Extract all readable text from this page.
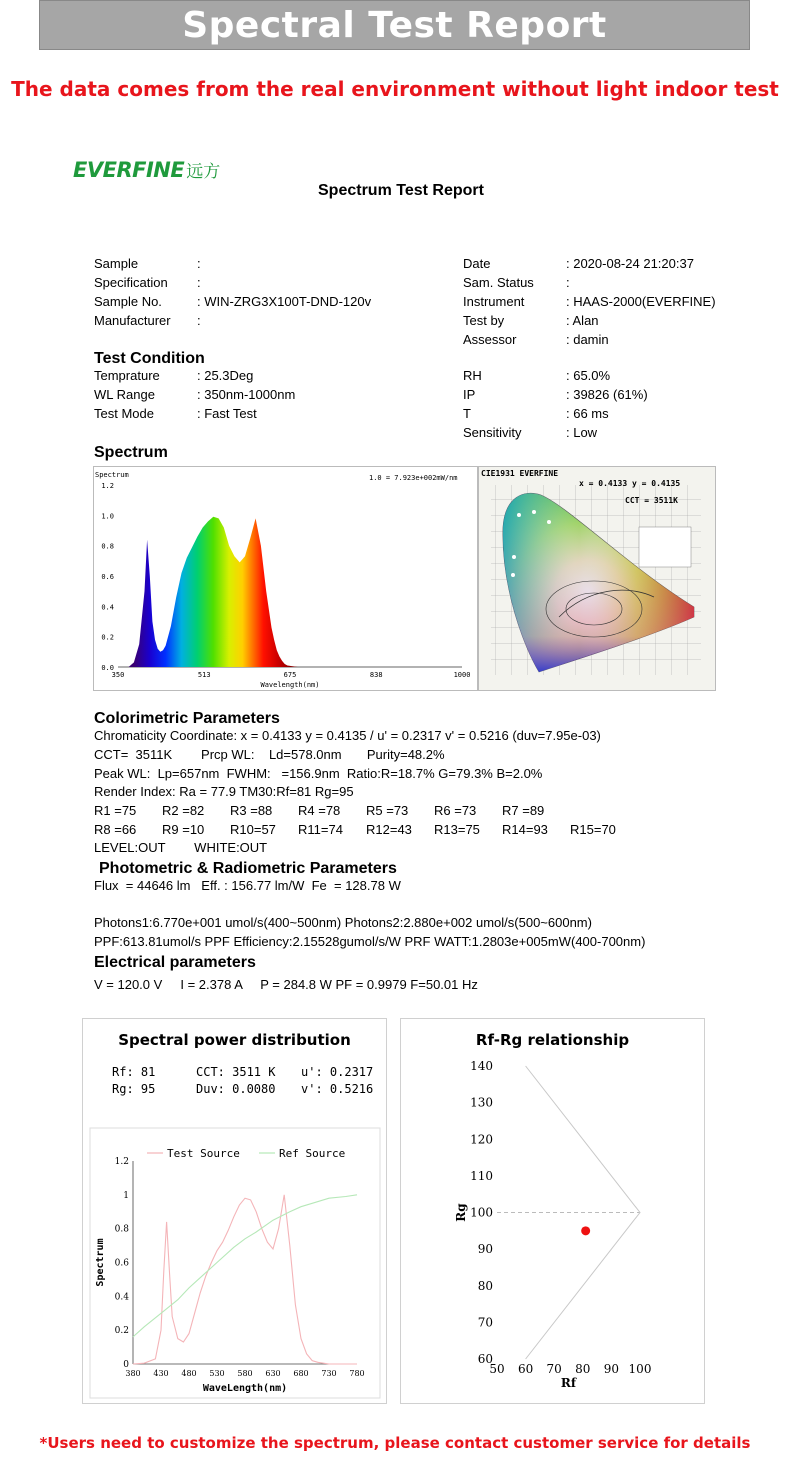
Spectral Test Report
The data comes from the real environment without light indoor test
EVERFINE 远方
Spectrum Test Report
Sample	:
Specification :
Sample No.	: WIN-ZRG3X100T-DND-120v
Manufacturer :
Date	: 2020-08-24 21:20:37
Sam. Status :
Instrument	: HAAS-2000(EVERFINE)
Test by	: Alan
Assessor	: damin
Test Condition
Temprature	: 25.3Deg
WL Range	: 350nm-1000nm
Test Mode	: Fast Test
RH	: 65.0%
IP	: 39826 (61%)
T	: 66 ms
Sensitivity	: Low
Spectrum
0.0
0.2
0.4
0.6
0.8
1.0
1.2
350	513	675	838	1000
Wavelength(nm)
Spectrum	1.0 = 7.923e+002mW/nm	CIE1931 EVERFINE
x = 0.4133 y = 0.4135
CCT = 3511K
Colorimetric Parameters
Chromaticity Coordinate: x = 0.4133 y = 0.4135 / u' = 0.2317 v' = 0.5216 (duv=7.95e-03)
CCT=  3511K        Prcp WL:    Ld=578.0nm       Purity=48.2%
Peak WL:  Lp=657nm  FWHM:   =156.9nm  Ratio:R=18.7% G=79.3% B=2.0%
Render Index: Ra = 77.9 TM30:Rf=81 Rg=95
R1 =75 R2 =82 R3 =88 R4 =78 R5 =73 R6 =73 R7 =89
R8 =66 R9 =10 R10=57 R11=74 R12=43 R13=75 R14=93 R15=70
LEVEL:OUT        WHITE:OUT
Photometric & Radiometric Parameters
Flux  = 44646 lm   Eff. : 156.77 lm/W  Fe  = 128.78 W
Photons1:6.770e+001 umol/s(400~500nm) Photons2:2.880e+002 umol/s(500~600nm)
PPF:613.81umol/s PPF Efficiency:2.15528gumol/s/W PRF WATT:1.2803e+005mW(400-700nm)
Electrical parameters
V = 120.0 V     I = 2.378 A     P = 284.8 W PF = 0.9979 F=50.01 Hz
Spectral power distribution
Rf: 81	CCT: 3511 K u': 0.2317
Rg: 95	Duv: 0.0080 v': 0.5216
0
0.2
0.4
0.6
0.8
1
1.2
380 430 480 530 580 630 680 730 780
WaveLength(nm)
Spectrum
Test Source	Ref Source
Rf-Rg relationship
60
70
80
90
100
110
120
130
140
50 60 70 80 90 100
Rf
Rg
*Users need to customize the spectrum, please contact customer service for details
